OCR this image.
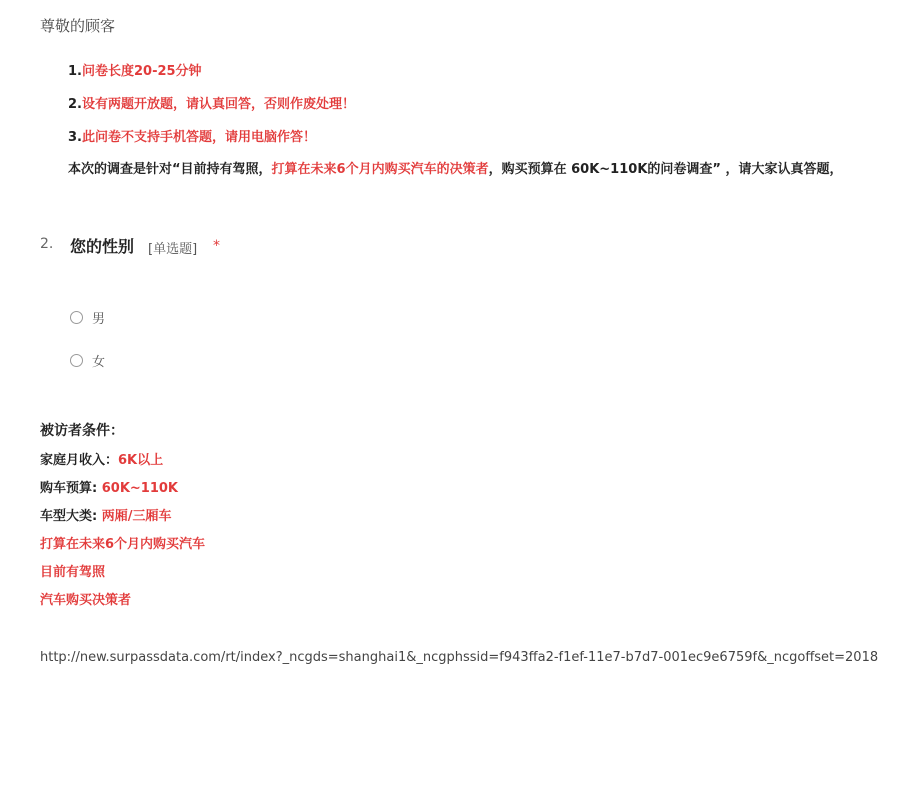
尊敬的顾客
1.问卷长度20-25分钟
2.设有两题开放题，请认真回答，否则作废处理！
3.此问卷不支持手机答题，请用电脑作答！
本次的调查是针对“目前持有驾照，打算在未来6个月内购买汽车的决策者，购买预算在 60K~110K的问卷调查” ，请大家认真答题，
2. 您的性别 [单选题] *
男
女
被访者条件：
家庭月收入：6K以上
购车预算: 60K~110K
车型大类: 两厢/三厢车
打算在未来6个月内购买汽车
目前有驾照
汽车购买决策者
http://new.surpassdata.com/rt/index?_ncgds=shanghai1&_ncgphssid=f943ffa2-f1ef-11e7-b7d7-001ec9e6759f&_ncgoffset=2018
